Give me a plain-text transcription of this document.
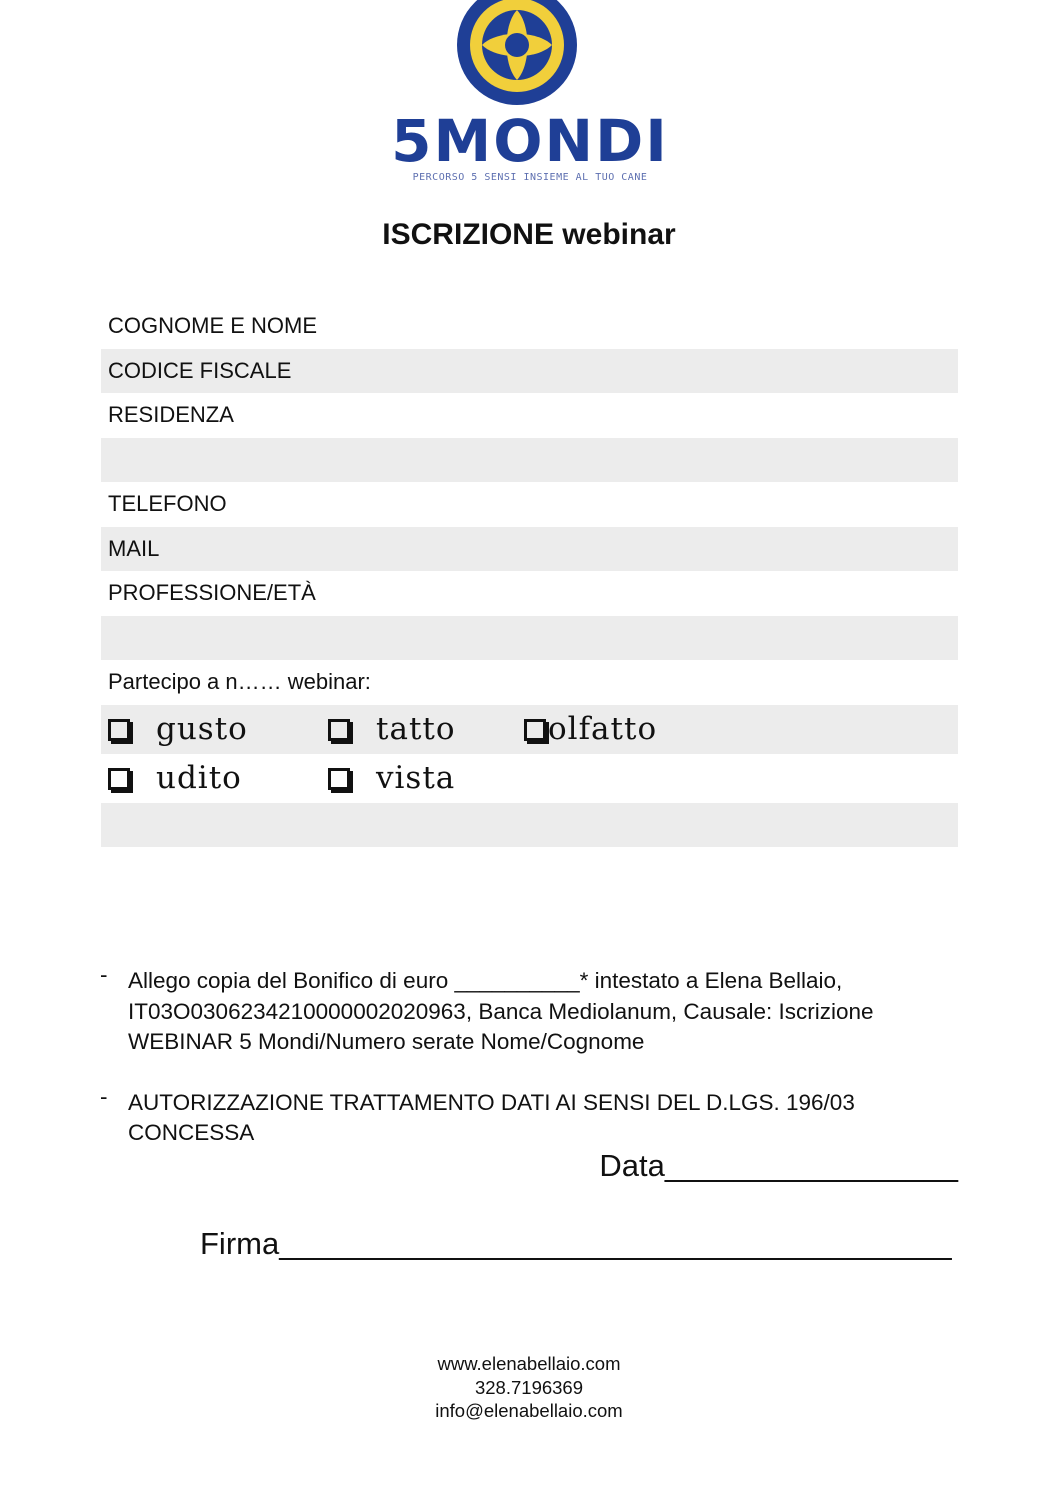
5MONDI
PERCORSO 5 SENSI INSIEME AL TUO CANE
ISCRIZIONE webinar
COGNOME E NOME
CODICE FISCALE
RESIDENZA
TELEFONO
MAIL
PROFESSIONE/ETÀ
Partecipo a n…… webinar:
gusto	tatto	olfatto
udito	vista
- Allego copia del Bonifico di euro __________* intestato a Elena Bellaio, IT03O0306234210000002020963, Banca Mediolanum, Causale: Iscrizione WEBINAR 5 Mondi/Numero serate Nome/Cognome
- AUTORIZZAZIONE TRATTAMENTO DATI AI SENSI DEL D.LGS. 196/03 CONCESSA
Data_________________
Firma_______________________________________
www.elenabellaio.com
328.7196369
info@elenabellaio.com
